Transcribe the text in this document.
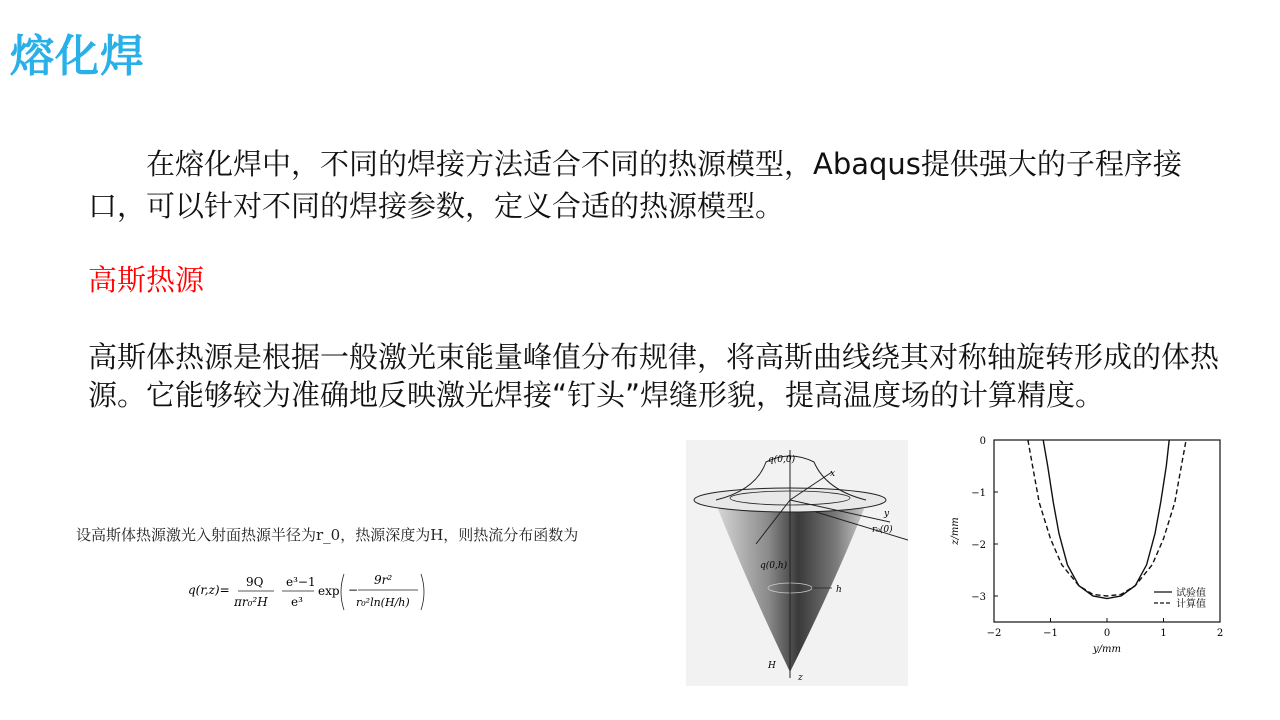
熔化焊
在熔化焊中，不同的焊接方法适合不同的热源模型，Abaqus提供强大的子程序接口，可以针对不同的焊接参数，定义合适的热源模型。
高斯热源
高斯体热源是根据一般激光束能量峰值分布规律，将高斯曲线绕其对称轴旋转形成的体热源。它能够较为准确地反映激光焊接“钉头”焊缝形貌，提高温度场的计算精度。
设高斯体热源激光入射面热源半径为r_0，热源深度为H，则热流分布函数为
q(r,z)=
9Q
πr₀²H
e³−1
e³
exp −
9r²
r₀²ln(H/h)
q(0,0)
x
y
r₀(0)
q(0,h)
h
H
z
−2	−1	0	1	2
0
−1
−2
−3
y/mm
z/mm
试验值
计算值
